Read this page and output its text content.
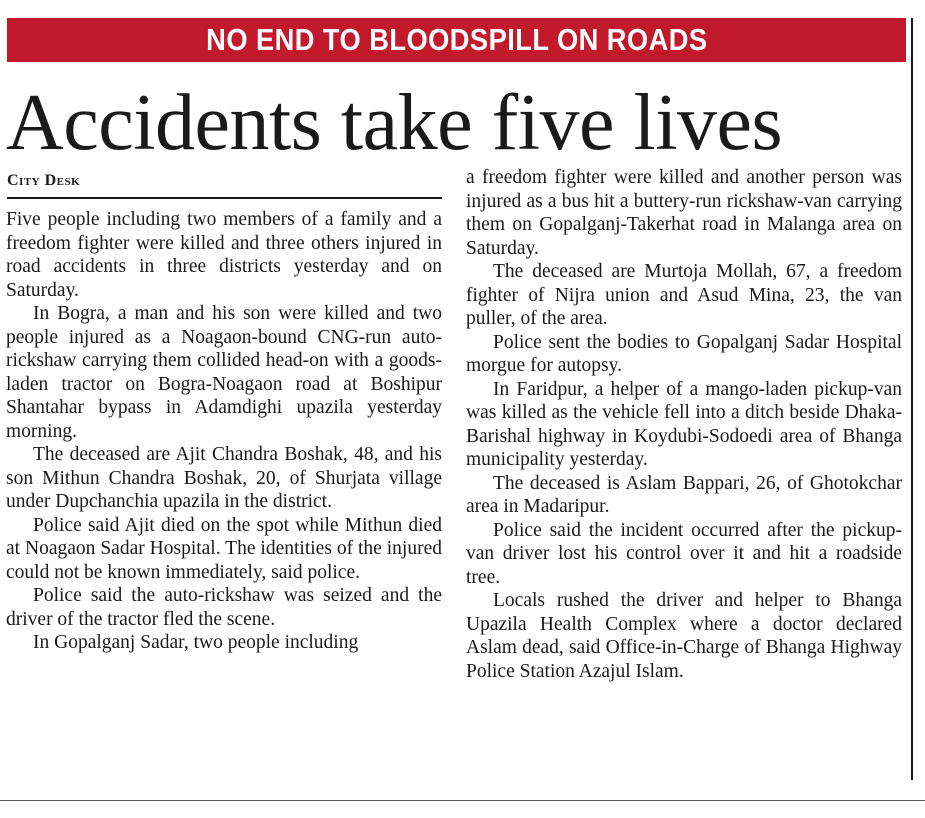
NO END TO BLOODSPILL ON ROADS
Accidents take five lives
City Desk

Five people including two members of a family and a freedom fighter were killed and three others injured in road accidents in three districts yesterday and on Saturday.

In Bogra, a man and his son were killed and two people injured as a Noagaon-bound CNG-run auto-rickshaw carrying them collided head-on with a goods-laden tractor on Bogra-Noagaon road at Boshipur Shantahar bypass in Adamdighi upazila yesterday morning.

The deceased are Ajit Chandra Boshak, 48, and his son Mithun Chandra Boshak, 20, of Shurjata village under Dupchanchia upazila in the district.

Police said Ajit died on the spot while Mithun died at Noagaon Sadar Hospital. The identities of the injured could not be known immediately, said police.

Police said the auto-rickshaw was seized and the driver of the tractor fled the scene.

In Gopalganj Sadar, two people including

a freedom fighter were killed and another person was injured as a bus hit a buttery-run rickshaw-van carrying them on Gopalganj-Takerhat road in Malanga area on Saturday.

The deceased are Murtoja Mollah, 67, a freedom fighter of Nijra union and Asud Mina, 23, the van puller, of the area.

Police sent the bodies to Gopalganj Sadar Hospital morgue for autopsy.

In Faridpur, a helper of a mango-laden pickup-van was killed as the vehicle fell into a ditch beside Dhaka-Barishal highway in Koydubi-Sodoedi area of Bhanga municipality yesterday.

The deceased is Aslam Bappari, 26, of Ghotokchar area in Madaripur.

Police said the incident occurred after the pickup-van driver lost his control over it and hit a roadside tree.

Locals rushed the driver and helper to Bhanga Upazila Health Complex where a doctor declared Aslam dead, said Office-in-Charge of Bhanga Highway Police Station Azajul Islam.
